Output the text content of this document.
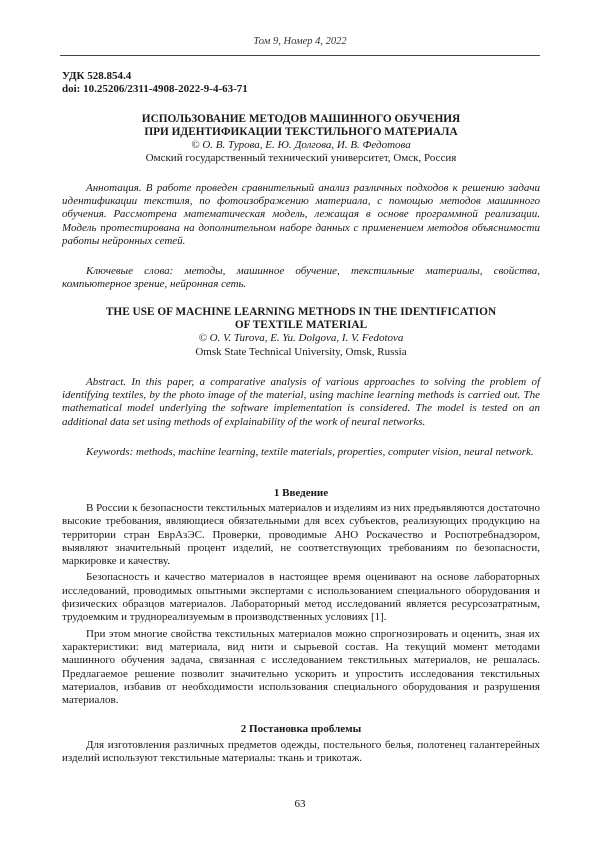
Том 9, Номер 4, 2022
УДК 528.854.4
doi: 10.25206/2311-4908-2022-9-4-63-71
ИСПОЛЬЗОВАНИЕ МЕТОДОВ МАШИННОГО ОБУЧЕНИЯ
ПРИ ИДЕНТИФИКАЦИИ ТЕКСТИЛЬНОГО МАТЕРИАЛА
© О. В. Турова, Е. Ю. Долгова, И. В. Федотова
Омский государственный технический университет, Омск, Россия
Аннотация. В работе проведен сравнительный анализ различных подходов к решению задачи идентификации текстиля, по фотоизображению материала, с помощью методов машинного обучения. Рассмотрена математическая модель, лежащая в основе программной реализации. Модель протестирована на дополнительном наборе данных с применением методов объяснимости работы нейронных сетей.
Ключевые слова: методы, машинное обучение, текстильные материалы, свойства, компьютерное зрение, нейронная сеть.
THE USE OF MACHINE LEARNING METHODS IN THE IDENTIFICATION
OF TEXTILE MATERIAL
© O. V. Turova, E. Yu. Dolgova, I. V. Fedotova
Omsk State Technical University, Omsk, Russia
Abstract. In this paper, a comparative analysis of various approaches to solving the problem of identifying textiles, by the photo image of the material, using machine learning methods is carried out. The mathematical model underlying the software implementation is considered. The model is tested on an additional data set using methods of explainability of the work of neural networks.
Keywords: methods, machine learning, textile materials, properties, computer vision, neural network.
1 Введение

В России к безопасности текстильных материалов и изделиям из них предъявляются достаточно высокие требования, являющиеся обязательными для всех субъектов, реализующих продукцию на территории стран ЕврАзЭС. Проверки, проводимые АНО Роскачество и Роспотребнадзором, выявляют значительный процент изделий, не соответствующих требованиям по безопасности, маркировке и качеству.

Безопасность и качество материалов в настоящее время оценивают на основе лабораторных исследований, проводимых опытными экспертами с использованием специального оборудования и физических образцов материалов. Лабораторный метод исследований является ресурсозатратным, трудоемким и труднореализуемым в производственных условиях [1].

При этом многие свойства текстильных материалов можно спрогнозировать и оценить, зная их характеристики: вид материала, вид нити и сырьевой состав. На текущий момент методами машинного обучения задача, связанная с исследованием текстильных материалов, не решалась. Предлагаемое решение позволит значительно ускорить и упростить исследования текстильных материалов, избавив от необходимости использования специального оборудования и разрушения материалов.

2 Постановка проблемы

Для изготовления различных предметов одежды, постельного белья, полотенец галантерейных изделий используют текстильные материалы: ткань и трикотаж.

63
